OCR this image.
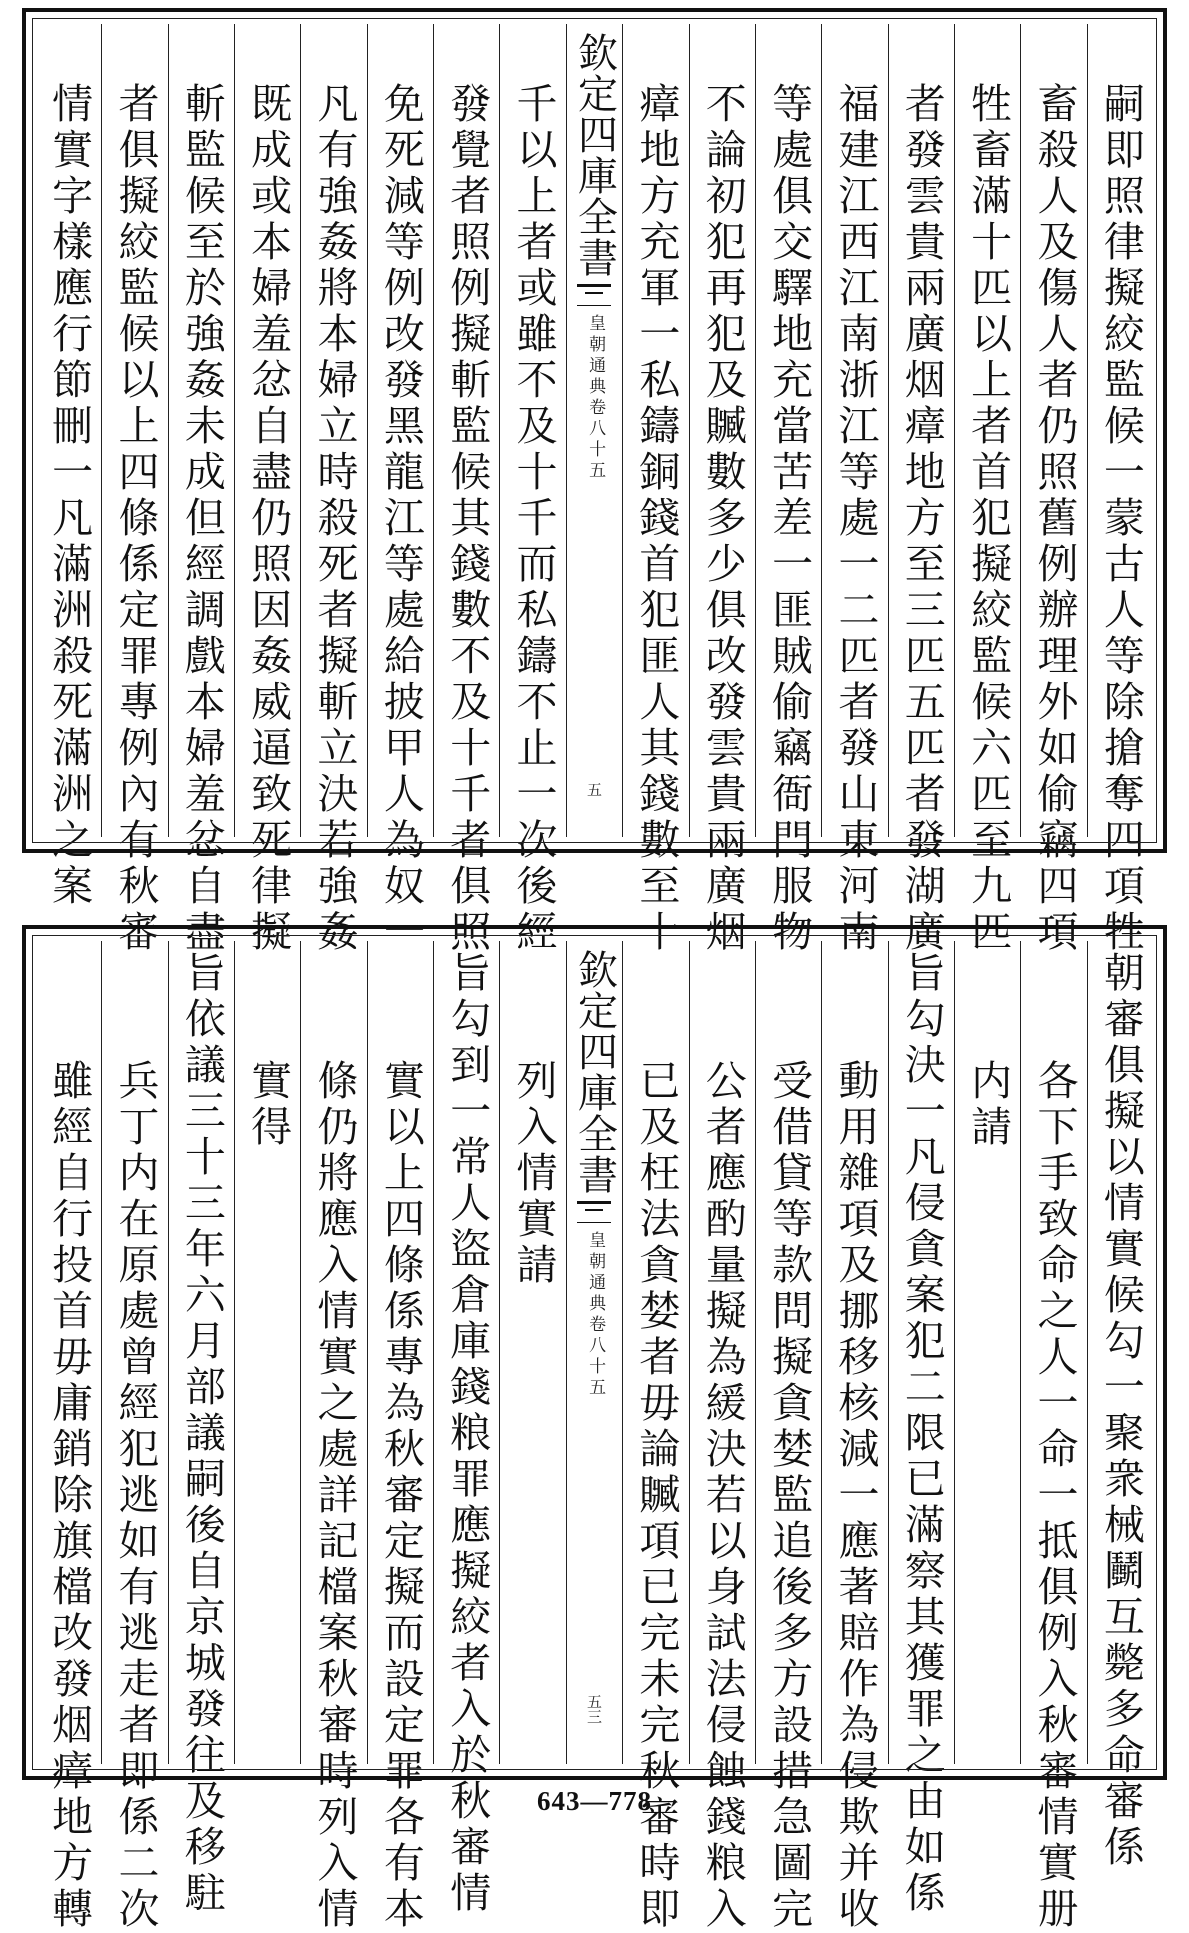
嗣即照律擬絞監候一蒙古人等除搶奪四項牲
畜殺人及傷人者仍照舊例辦理外如偷竊四項
牲畜滿十匹以上者首犯擬絞監候六匹至九匹
者發雲貴兩廣烟瘴地方至三匹五匹者發湖廣
福建江西江南浙江等處一二匹者發山東河南
等處俱交驛地充當苦差一匪賊偷竊衙門服物
不論初犯再犯及贓數多少俱改發雲貴兩廣烟
瘴地方充軍一私鑄銅錢首犯匪人其錢數至十
欽定四庫全書
皇朝通典
卷八十五
五
千以上者或雖不及十千而私鑄不止一次後經
發覺者照例擬斬監候其錢數不及十千者俱照
免死減等例改發黑龍江等處給披甲人為奴一
凡有強姦將本婦立時殺死者擬斬立決若強姦
既成或本婦羞忿自盡仍照因姦威逼致死律擬
斬監候至於強姦未成但經調戲本婦羞忿自盡
者俱擬絞監候以上四條係定罪專例內有秋審
情實字樣應行節刪一凡滿洲殺死滿洲之案
朝審俱擬以情實候勾一聚衆械鬭互斃多命審係
各下手致命之人一命一抵俱例入秋審情實册
内請
旨勾決一凡侵貪案犯二限已滿察其獲罪之由如係
動用雜項及挪移核減一應著賠作為侵欺并收
受借貸等款問擬貪婪監追後多方設措急圖完
公者應酌量擬為緩決若以身試法侵蝕錢粮入
已及枉法貪婪者毋論贓項已完未完秋審時即
欽定四庫全書
皇朝通典
卷八十五
五三
列入情實請
旨勾到一常人盜倉庫錢粮罪應擬絞者入於秋審情
實以上四條係專為秋審定擬而設定罪各有本
條仍將應入情實之處詳記檔案秋審時列入情
實得
旨依議三十三年六月部議嗣後自京城發往及移駐
兵丁内在原處曾經犯逃如有逃走者即係二次
雖經自行投首毋庸銷除旗檔改發烟瘴地方轉	643—778
